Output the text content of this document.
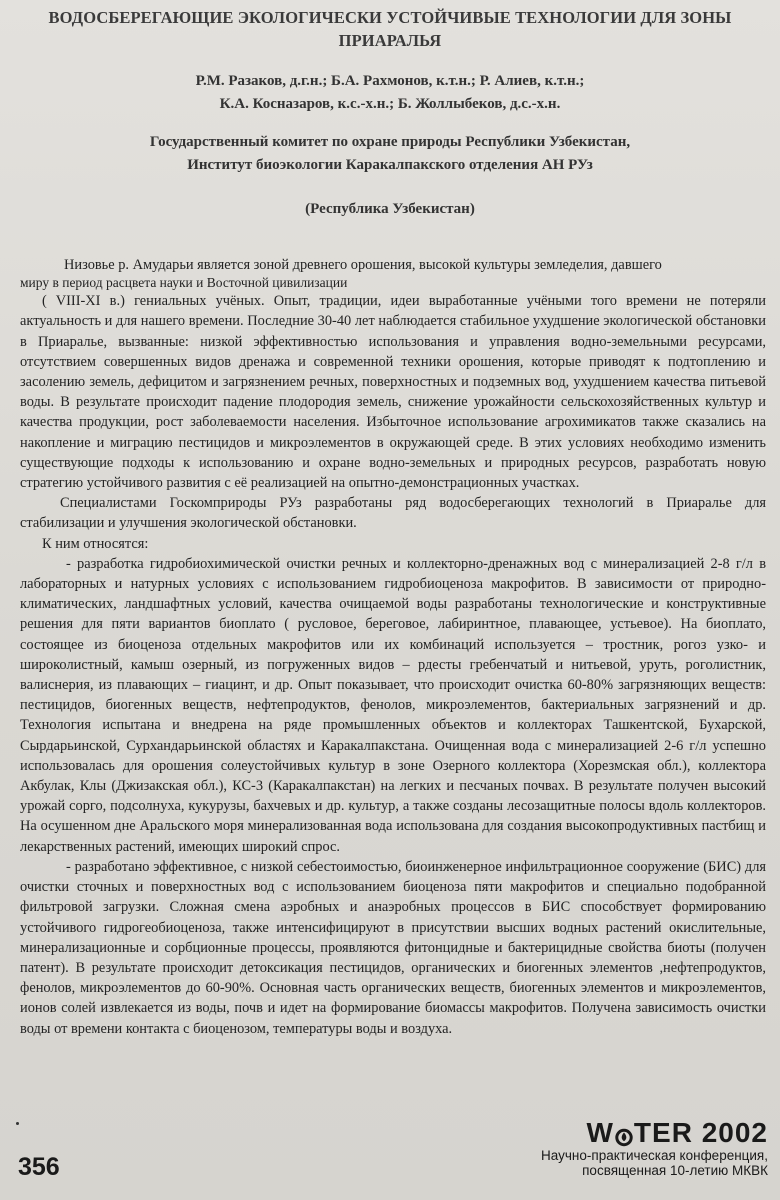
ВОДОСБЕРЕГАЮЩИЕ ЭКОЛОГИЧЕСКИ УСТОЙЧИВЫЕ ТЕХНОЛОГИИ ДЛЯ ЗОНЫ ПРИАРАЛЬЯ
Р.М. Разаков, д.г.н.; Б.А. Рахмонов, к.т.н.; Р. Алиев, к.т.н.;
К.А. Косназаров, к.с.-х.н.; Б. Жоллыбеков, д.с.-х.н.
Государственный комитет по охране природы Республики Узбекистан,
Институт биоэкологии Каракалпакского отделения АН РУз
(Республика Узбекистан)

Низовье р. Амударьи является зоной древнего орошения, высокой культуры земледелия, давшего

миру в период расцвета науки и Восточной цивилизации

( VIII-XI в.) гениальных учёных. Опыт, традиции, идеи выработанные учёными того времени не потеряли актуальность и для нашего времени. Последние 30-40 лет наблюдается стабильное ухудшение экологической обстановки в Приаралье, вызванные: низкой эффективностью использования и управления водно-земельными ресурсами, отсутствием совершенных видов дренажа и современной техники орошения, которые приводят к подтоплению и засолению земель, дефицитом и загрязнением речных, поверхностных и подземных вод, ухудшением качества питьевой воды. В результате происходит падение плодородия земель, снижение урожайности сельскохозяйственных культур и качества продукции, рост заболеваемости населения. Избыточное использование агрохимикатов также сказались на накопление и миграцию пестицидов и микроэлементов в окружающей среде. В этих условиях необходимо изменить существующие подходы к использованию и охране водно-земельных и природных ресурсов, разработать новую стратегию устойчивого развития с её реализацией на опытно-демонстрационных участках.

Специалистами Госкомприроды РУз разработаны ряд водосберегающих технологий в Приаралье для стабилизации и улучшения экологической обстановки.

К ним относятся:

- разработка гидробиохимической очистки речных и коллекторно-дренажных вод с минерализацией 2-8 г/л в лабораторных и натурных условиях с использованием гидробиоценоза макрофитов. В зависимости от природно-климатических, ландшафтных условий, качества очищаемой воды разработаны технологические и конструктивные решения для пяти вариантов биоплато ( русловое, береговое, лабиринтное, плавающее, устьевое). На биоплато, состоящее из биоценоза отдельных макрофитов или их комбинаций используется – тростник, рогоз узко- и широколистный, камыш озерный, из погруженных видов – рдесты гребенчатый и нитьевой, уруть, роголистник, валиснерия, из плавающих – гиацинт, и др. Опыт показывает, что происходит очистка 60-80% загрязняющих веществ: пестицидов, биогенных веществ, нефтепродуктов, фенолов, микроэлементов, бактериальных загрязнений и др. Технология испытана и внедрена на ряде промышленных объектов и коллекторах Ташкентской, Бухарской, Сырдарьинской, Сурхандарьинской областях и Каракалпакстана. Очищенная вода с минерализацией 2-6 г/л успешно использовалась для орошения солеустойчивых культур в зоне Озерного коллектора (Хорезмская обл.), коллектора Акбулак, Клы (Джизакская обл.), КС-3 (Каракалпакстан) на легких и песчаных почвах. В результате получен высокий урожай сорго, подсолнуха, кукурузы, бахчевых и др. культур, а также созданы лесозащитные полосы вдоль коллекторов. На осушенном дне Аральского моря минерализованная вода использована для создания высокопродуктивных пастбищ и лекарственных растений, имеющих широкий спрос.

- разработано эффективное, с низкой себестоимостью, биоинженерное инфильтрационное сооружение (БИС) для очистки сточных и поверхностных вод с использованием биоценоза пяти макрофитов и специально подобранной фильтровой загрузки. Сложная смена аэробных и анаэробных процессов в БИС способствует формированию устойчивого гидрогеобиоценоза, также интенсифицируют в присутствии высших водных растений окислительные, минерализационные и сорбционные процессы, проявляются фитонцидные и бактерицидные свойства биоты (получен патент). В результате происходит детоксикация пестицидов, органических и биогенных элементов ,нефтепродуктов, фенолов, микроэлементов до 60-90%. Основная часть органических веществ, биогенных элементов и микроэлементов, ионов солей извлекается из воды, почв и идет на формирование биомассы макрофитов. Получена зависимость очистки воды от времени контакта с биоценозом, температуры воды и воздуха.

356
W TER 2002
Научно-практическая конференция,
посвященная 10-летию МКВК
